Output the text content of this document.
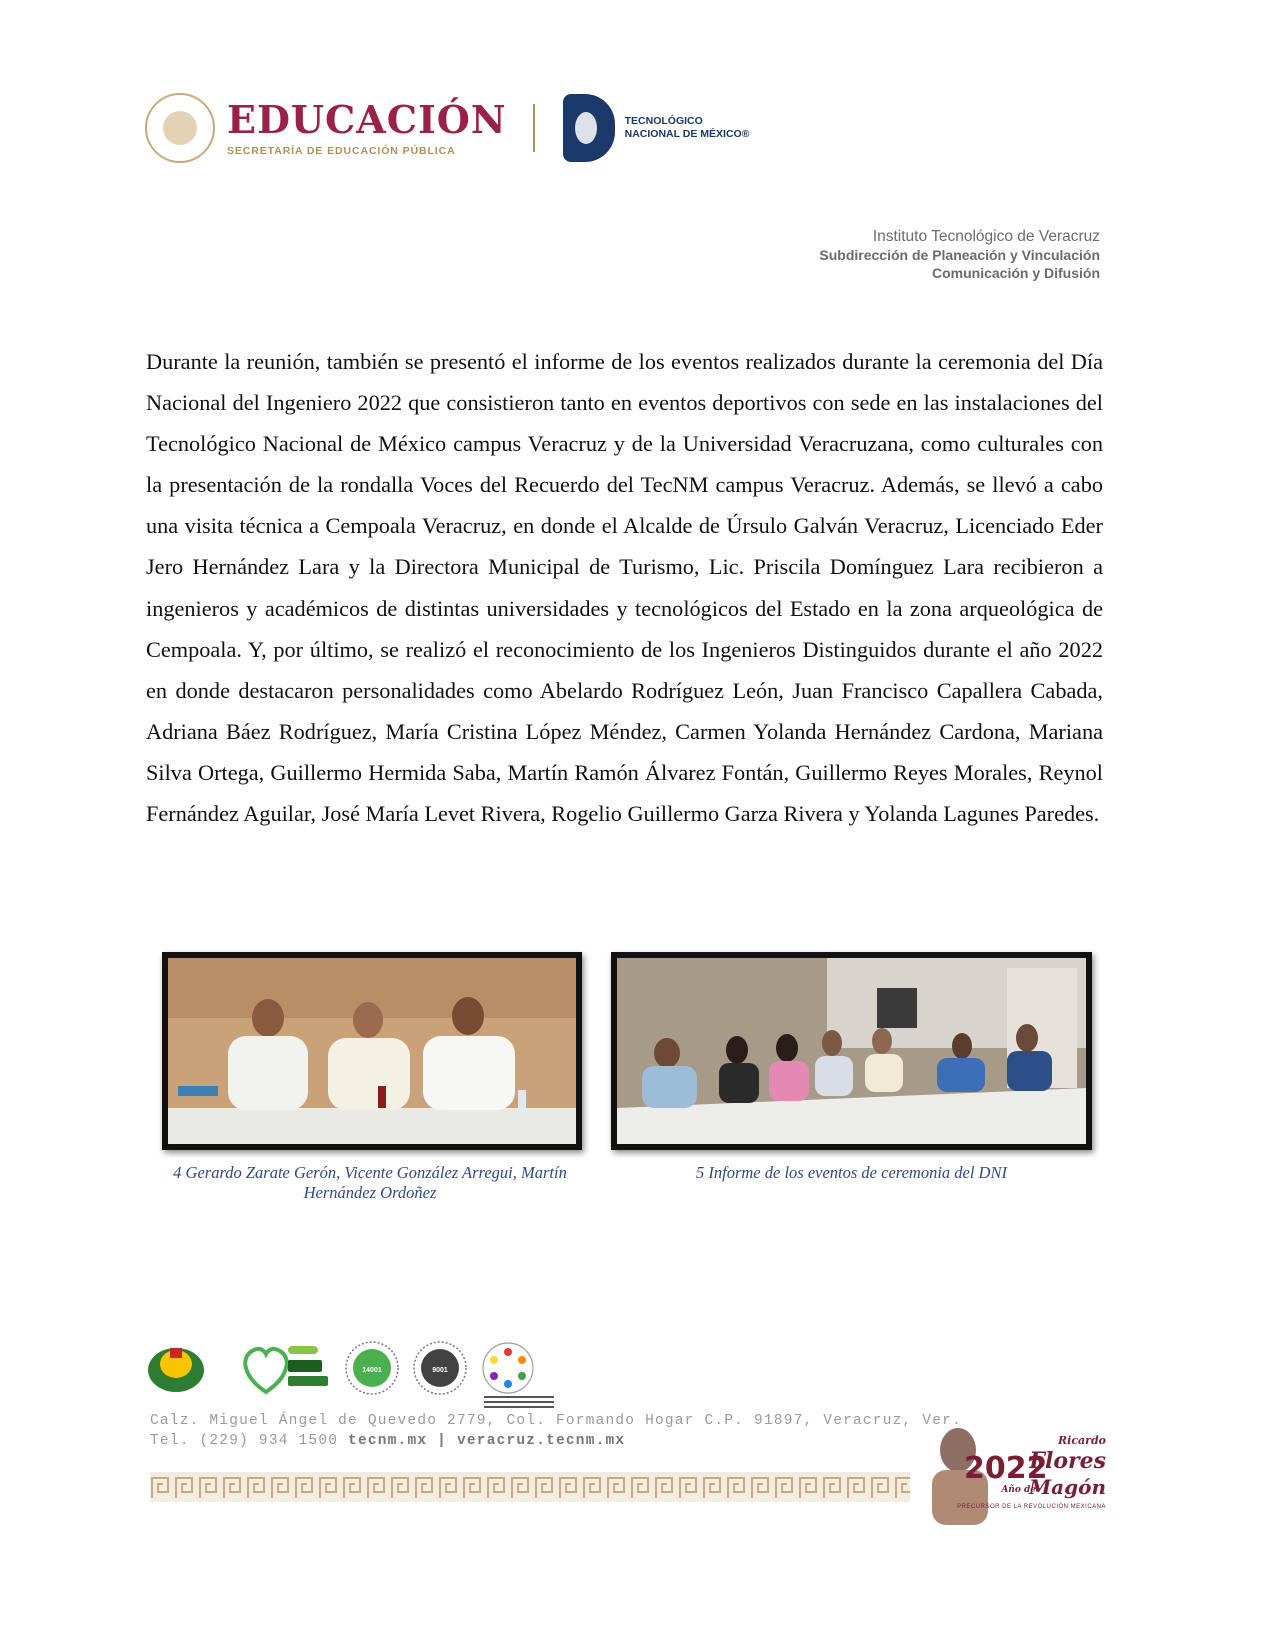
EDUCACIÓN
SECRETARÍA DE EDUCACIÓN PÚBLICA
TECNOLÓGICO
NACIONAL DE MÉXICO®
Instituto Tecnológico de Veracruz
Subdirección de Planeación y Vinculación
Comunicación y Difusión

Durante la reunión, también se presentó el informe de los eventos realizados durante la ceremonia del Día Nacional del Ingeniero 2022 que consistieron tanto en eventos deportivos con sede en las instalaciones del Tecnológico Nacional de México campus Veracruz y de la Universidad Veracruzana, como culturales con la presentación de la rondalla Voces del Recuerdo del TecNM campus Veracruz. Además, se llevó a cabo una visita técnica a Cempoala Veracruz, en donde el Alcalde de Úrsulo Galván Veracruz, Licenciado Eder Jero Hernández Lara y la Directora Municipal de Turismo, Lic. Priscila Domínguez Lara recibieron a ingenieros y académicos de distintas universidades y tecnológicos del Estado en la zona arqueológica de Cempoala. Y, por último, se realizó el reconocimiento de los Ingenieros Distinguidos durante el año 2022 en donde destacaron personalidades como Abelardo Rodríguez León, Juan Francisco Capallera Cabada, Adriana Báez Rodríguez, María Cristina López Méndez, Carmen Yolanda Hernández Cardona, Mariana Silva Ortega, Guillermo Hermida Saba, Martín Ramón Álvarez Fontán, Guillermo Reyes Morales, Reynol Fernández Aguilar, José María Levet Rivera, Rogelio Guillermo Garza Rivera y Yolanda Lagunes Paredes.

4 Gerardo Zarate Gerón, Vicente González Arregui, Martín Hernández Ordoñez

5 Informe de los eventos de ceremonia del DNI

14001	9001

Calz. Miguel Ángel de Quevedo 2779, Col. Formando Hogar C.P. 91897, Veracruz, Ver.

Tel. (229) 934 1500 tecnm.mx | veracruz.tecnm.mx

2022
Ricardo
Flores
Año de
Magón
PRECURSOR DE LA REVOLUCIÓN MEXICANA
